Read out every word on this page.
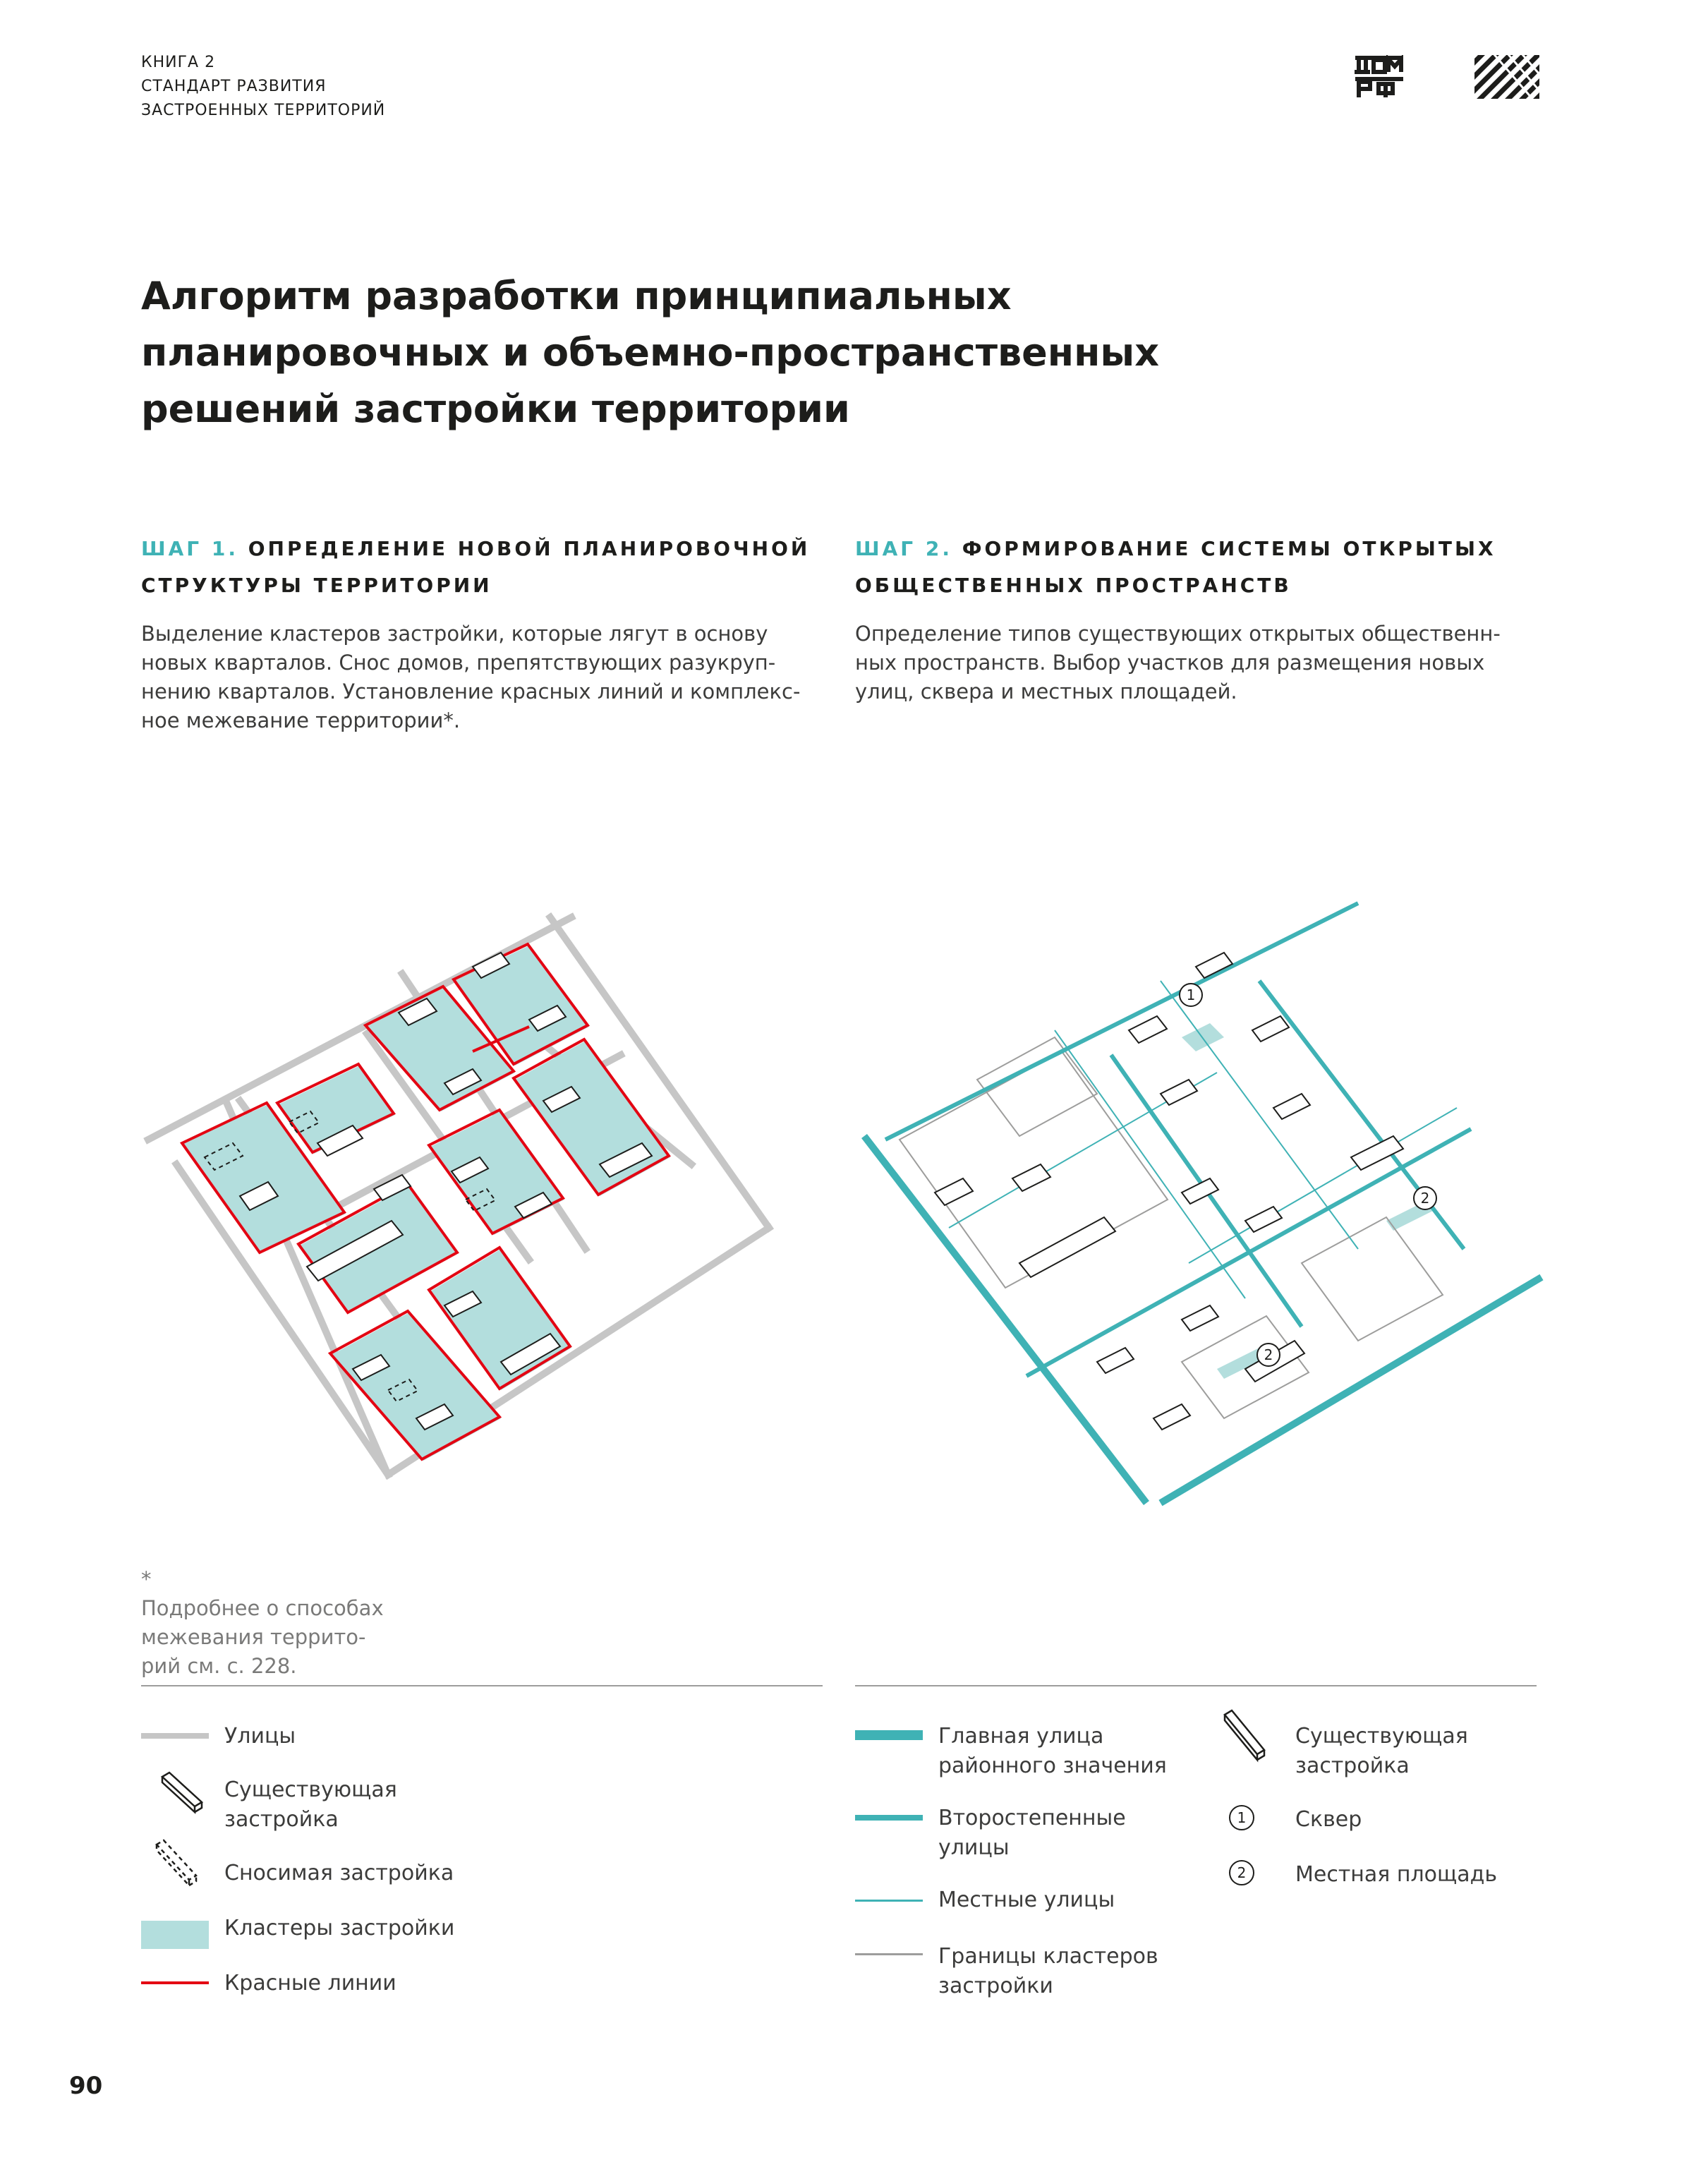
КНИГА 2
СТАНДАРТ РАЗВИТИЯ
ЗАСТРОЕННЫХ ТЕРРИТОРИЙ
Алгоритм разработки принципиальных
планировочных и объемно-пространственных
решений застройки территории
ШАГ 1. ОПРЕДЕЛЕНИЕ НОВОЙ ПЛАНИРОВОЧНОЙ
СТРУКТУРЫ ТЕРРИТОРИИ
ШАГ 2. ФОРМИРОВАНИЕ СИСТЕМЫ ОТКРЫТЫХ
ОБЩЕСТВЕННЫХ ПРОСТРАНСТВ
Выделение кластеров застройки, которые лягут в основу
новых кварталов. Снос домов, препятствующих разукруп-
нению кварталов. Установление красных линий и комплекс-
ное межевание территории*.
Определение типов существующих открытых общественн-
ных пространств. Выбор участков для размещения новых
улиц, сквера и местных площадей.
1
2
2
*
Подробнее о способах
межевания террито-
рий см. с. 228.
Улицы
Существующая
застройка
Сносимая застройка
Кластеры застройки
Красные линии
Главная улица
районного значения
Второстепенные
улицы
Местные улицы
Границы кластеров
застройки
Существующая
застройка
1 Сквер
2 Местная площадь
90
